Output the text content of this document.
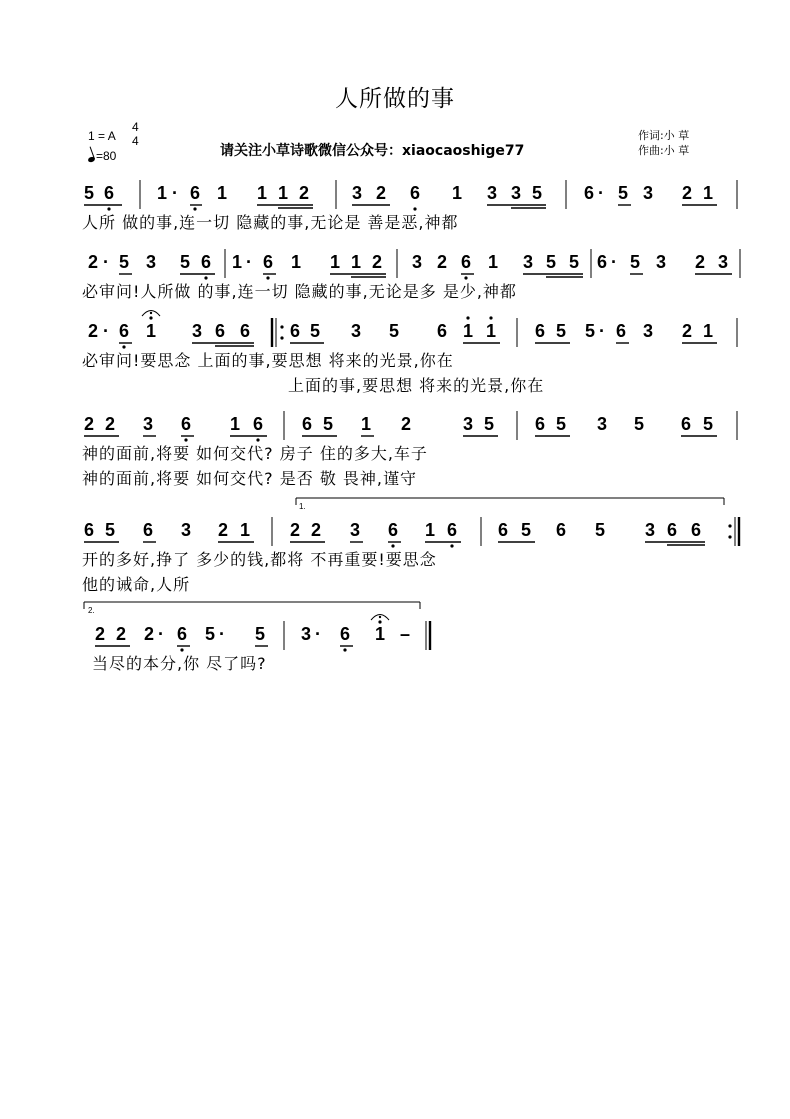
人所做的事
1 = A
4
4
=80	请关注小草诗歌微信公众号：xiaocaoshige77
作词:小 草
作曲:小 草
5 6 1 · 6 1 1 1 2 3 2 6 1 3 3 5 6 · 5 3 2 1
人所 做的事,连一切 隐藏的事,无论是 善是恶,神都
2 · 5 3 5 6 1 · 6 1 1 1 2 3 2 6 1 3 5 5 6 · 5 3 2 3
必审问!人所做 的事,连一切 隐藏的事,无论是多 是少,神都
2 · 6 1 3 6 6 6 5 3 5 6 1 1 6 5 5 · 6 3 2 1
必审问!要思念 上面的事,要思想 将来的光景,你在
上面的事,要思想 将来的光景,你在
2 2 3 6 1 6 6 5 1 2	3 5 6 5 3 5 6 5
神的面前,将要 如何交代? 房子 住的多大,车子
神的面前,将要 如何交代? 是否 敬 畏神,谨守
1.
6 5 6 3 2 1 2 2 3 6 1 6 6 5 6 5 3 6 6
开的多好,挣了 多少的钱,都将 不再重要!要思念
他的诫命,人所
2.
2 2 2 · 6 5 · 5 3 · 6 1 –
当尽的本分,你 尽了吗?
